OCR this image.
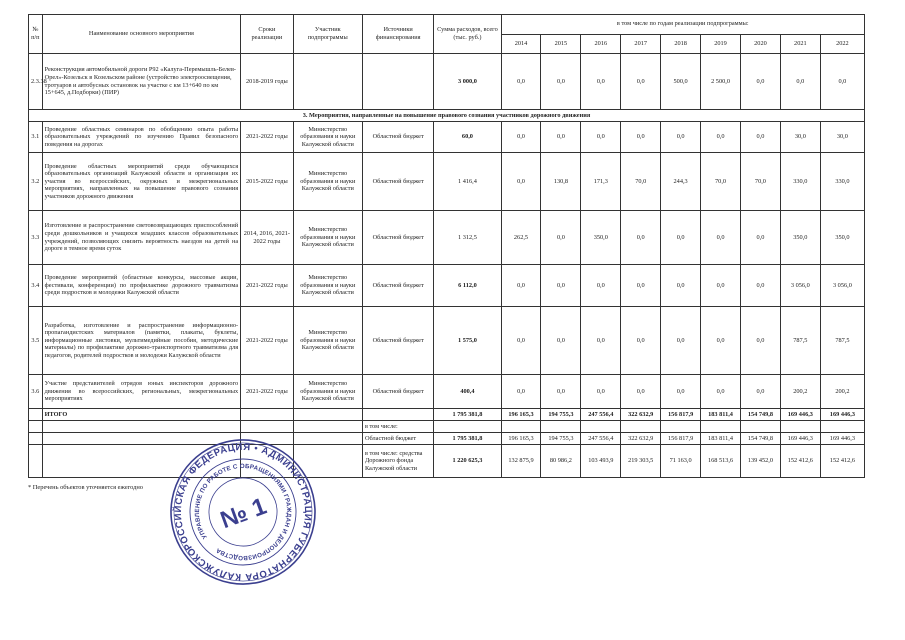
№ п/п	Наименование основного мероприятия	Сроки реализации	Участник подпрограммы	Источники финансирования	Сумма расходов, всего (тыс. руб.)	в том числе по годам реализации подпрограммы:								
						2014	2015	2016	2017	2018	2019	2020	2021	2022
2.3.38	Реконструкция автомобильной дороги Р92 «Калуга-Перемышль-Белев-Орел»-Козельск в Козельском районе (устройство электроосвещения, тротуаров и автобусных остановок на участке с км 13+640 по км 15+645, д.Подборки) (ПИР)	2018-2019 годы			3 000,0	0,0	0,0	0,0	0,0	500,0	2 500,0	0,0	0,0	0,0
3. Мероприятия, направленные на повышение правового сознания участников дорожного движения														
3.1	Проведение областных семинаров по обобщению опыта работы образовательных учреждений по изучению Правил безопасного поведения на дорогах	2021-2022 годы	Министерство образования и науки Калужской области	Областной бюджет	60,0	0,0	0,0	0,0	0,0	0,0	0,0	0,0	30,0	30,0
3.2	Проведение областных мероприятий среди обучающихся образовательных организаций Калужской области и организация их участия во всероссийских, окружных и межрегиональных мероприятиях, направленных на повышение правового сознания участников дорожного движения	2015-2022 годы	Министерство образования и науки Калужской области	Областной бюджет	1 416,4	0,0	130,8	171,3	70,0	244,3	70,0	70,0	330,0	330,0
3.3	Изготовление и распространение световозвращающих приспособлений среди дошкольников и учащихся младших классов образовательных учреждений, позволяющих снизить вероятность наездов на детей на дороге в темное время суток	2014, 2016, 2021-2022 годы	Министерство образования и науки Калужской области	Областной бюджет	1 312,5	262,5	0,0	350,0	0,0	0,0	0,0	0,0	350,0	350,0
3.4	Проведение мероприятий (областные конкурсы, массовые акции, фестивали, конференции) по профилактике дорожного травматизма среди подростков и молодежи Калужской области	2021-2022 годы	Министерство образования и науки Калужской области	Областной бюджет	6 112,0	0,0	0,0	0,0	0,0	0,0	0,0	0,0	3 056,0	3 056,0
3.5	Разработка, изготовление и распространение информационно-пропагандистских материалов (памятки, плакаты, буклеты, информационные листовки, мультимедийные пособия, методические материалы) по профилактике дорожно-транспортного травматизма для педагогов, родителей подростков и молодежи Калужской области	2021-2022 годы	Министерство образования и науки Калужской области	Областной бюджет	1 575,0	0,0	0,0	0,0	0,0	0,0	0,0	0,0	787,5	787,5
3.6	Участие представителей отрядов юных инспекторов дорожного движения во всероссийских, региональных, межрегиональных мероприятиях	2021-2022 годы	Министерство образования и науки Калужской области	Областной бюджет	400,4	0,0	0,0	0,0	0,0	0,0	0,0	0,0	200,2	200,2
	ИТОГО				1 795 381,8	196 165,3	194 755,3	247 556,4	322 632,9	156 817,9	183 811,4	154 749,8	169 446,3	169 446,3
				в том числе:										
				Областной бюджет	1 795 381,8	196 165,3	194 755,3	247 556,4	322 632,9	156 817,9	183 811,4	154 749,8	169 446,3	169 446,3
				в том числе: средства Дорожного фонда Калужской области	1 220 625,3	132 875,9	80 986,2	103 493,9	219 303,5	71 163,0	168 513,6	139 452,0	152 412,6	152 412,6
* Перечень объектов уточняется ежегодно
РОССИЙСКАЯ ФЕДЕРАЦИЯ • АДМИНИСТРАЦИЯ ГУБЕРНАТОРА КАЛУЖСКОЙ
УПРАВЛЕНИЕ ПО РАБОТЕ С ОБРАЩЕНИЯМИ ГРАЖДАН И ДЕЛОПРОИЗВОДСТВА
№ 1
